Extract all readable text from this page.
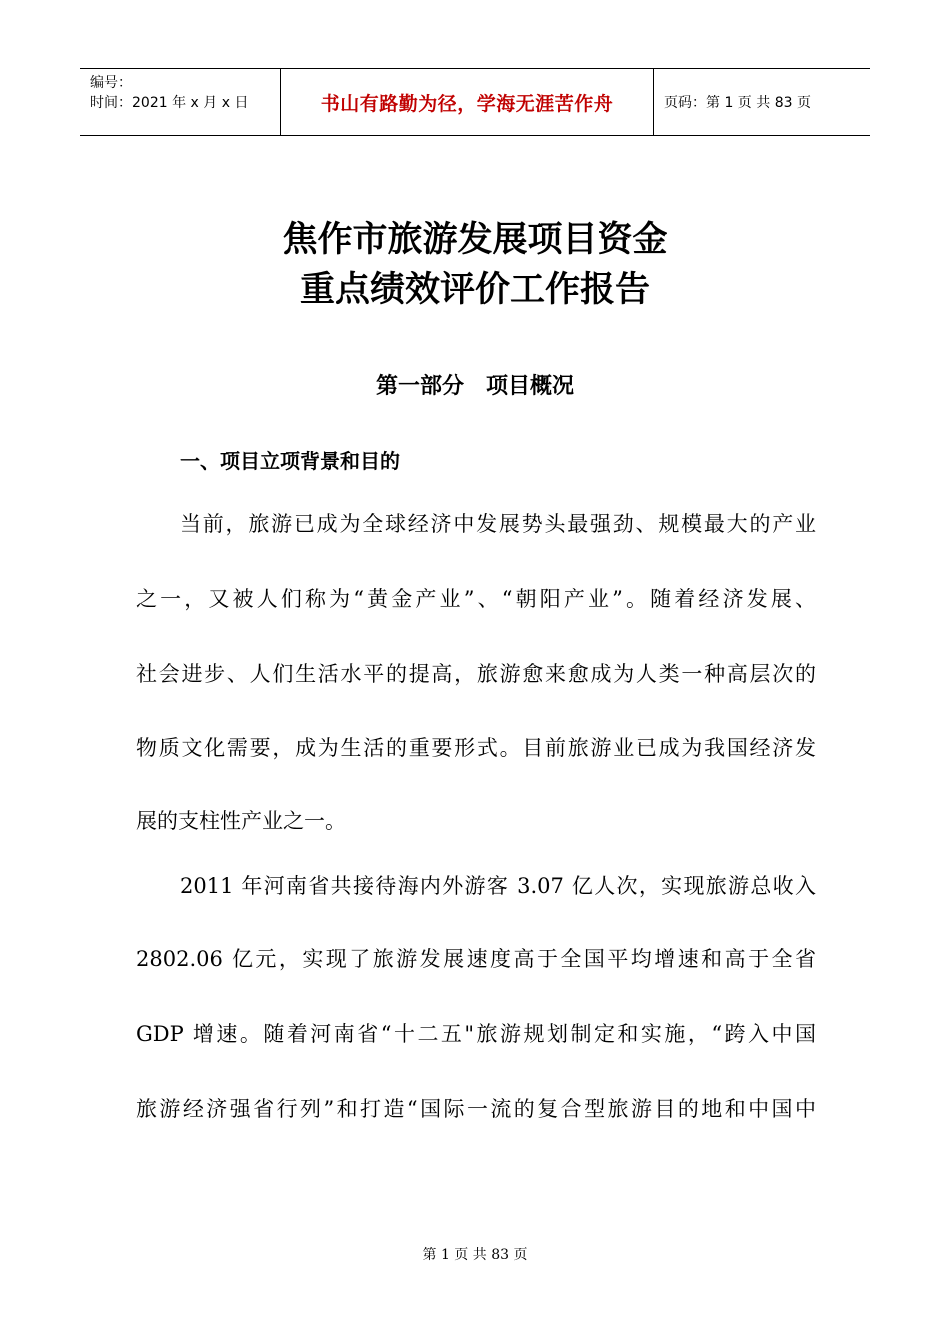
编号：
时间：2021 年 x 月 x 日	书山有路勤为径，学海无涯苦作舟	页码：第 1 页 共 83 页
焦作市旅游发展项目资金
重点绩效评价工作报告
第一部分　项目概况
一、项目立项背景和目的
当前，旅游已成为全球经济中发展势头最强劲、规模最大的产业
之一，又被人们称为“黄金产业”、“朝阳产业”。随着经济发展、
社会进步、人们生活水平的提高，旅游愈来愈成为人类一种高层次的
物质文化需要，成为生活的重要形式。目前旅游业已成为我国经济发
展的支柱性产业之一。
2011 年河南省共接待海内外游客 3.07 亿人次，实现旅游总收入
2802.06 亿元，实现了旅游发展速度高于全国平均增速和高于全省
GDP 增速。随着河南省“十二五"旅游规划制定和实施，“跨入中国
旅游经济强省行列”和打造“国际一流的复合型旅游目的地和中国中
第 1 页 共 83 页
